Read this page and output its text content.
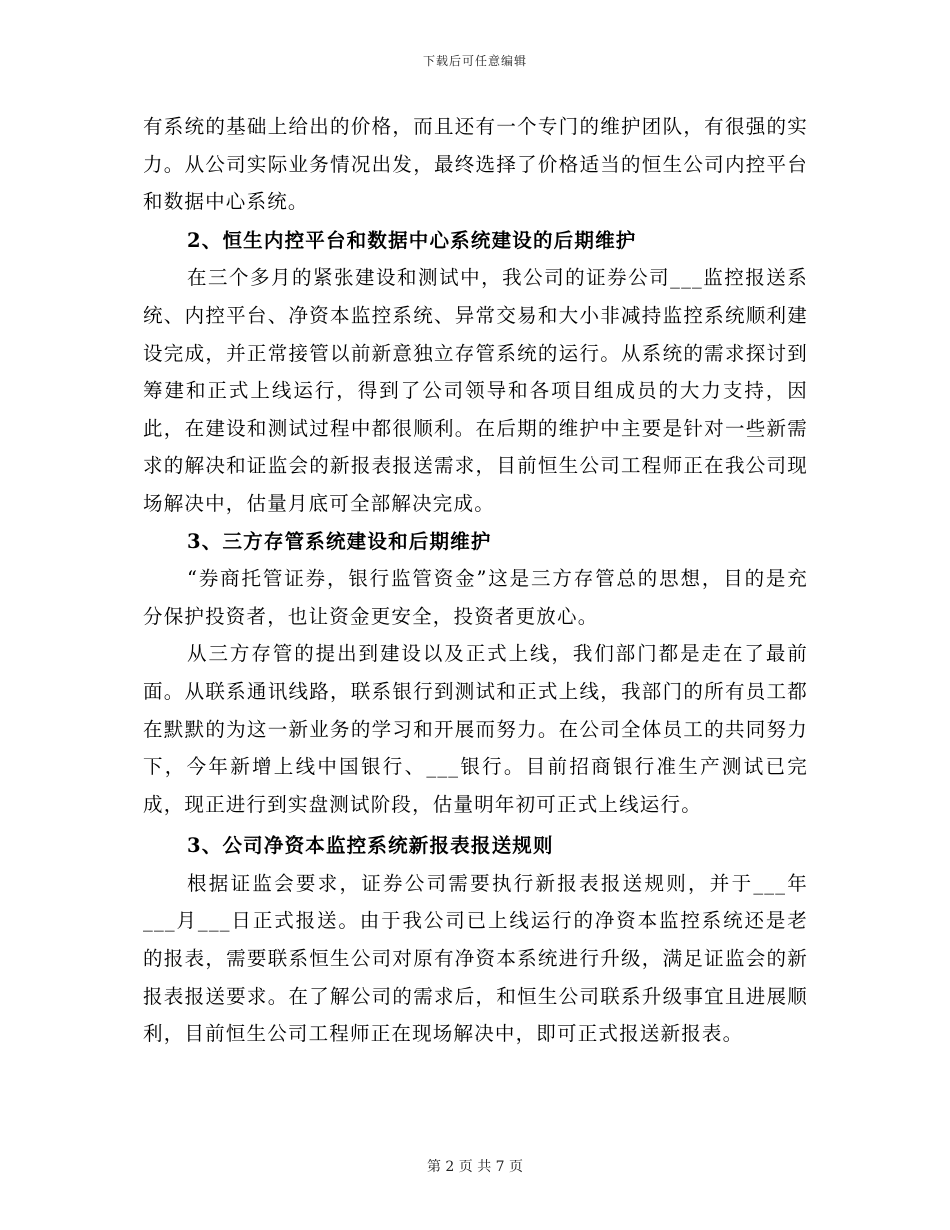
下载后可任意编辑

有系统的基础上给出的价格，而且还有一个专门的维护团队，有很强的实力。从公司实际业务情况出发，最终选择了价格适当的恒生公司内控平台和数据中心系统。

2、恒生内控平台和数据中心系统建设的后期维护

在三个多月的紧张建设和测试中，我公司的证券公司___监控报送系统、内控平台、净资本监控系统、异常交易和大小非减持监控系统顺利建设完成，并正常接管以前新意独立存管系统的运行。从系统的需求探讨到筹建和正式上线运行，得到了公司领导和各项目组成员的大力支持，因此，在建设和测试过程中都很顺利。在后期的维护中主要是针对一些新需求的解决和证监会的新报表报送需求，目前恒生公司工程师正在我公司现场解决中，估量月底可全部解决完成。

3、三方存管系统建设和后期维护

“券商托管证券，银行监管资金”这是三方存管总的思想，目的是充分保护投资者，也让资金更安全，投资者更放心。

从三方存管的提出到建设以及正式上线，我们部门都是走在了最前面。从联系通讯线路，联系银行到测试和正式上线，我部门的所有员工都在默默的为这一新业务的学习和开展而努力。在公司全体员工的共同努力下，今年新增上线中国银行、___银行。目前招商银行准生产测试已完成，现正进行到实盘测试阶段，估量明年初可正式上线运行。

3、公司净资本监控系统新报表报送规则

根据证监会要求，证券公司需要执行新报表报送规则，并于___年___月___日正式报送。由于我公司已上线运行的净资本监控系统还是老的报表，需要联系恒生公司对原有净资本系统进行升级，满足证监会的新报表报送要求。在了解公司的需求后，和恒生公司联系升级事宜且进展顺利，目前恒生公司工程师正在现场解决中，即可正式报送新报表。

第 2 页 共 7 页
